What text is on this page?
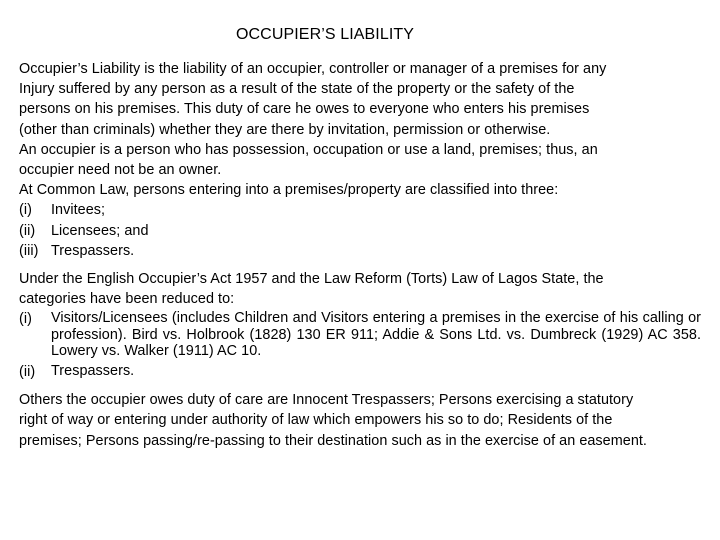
OCCUPIER’S LIABILITY

Occupier’s Liability is the liability of an occupier, controller or manager of a premises for any
Injury suffered by any person as a result of the state of the property or the safety of the
persons on his premises. This duty of care he owes to everyone who enters his premises
(other than criminals) whether they are there by invitation, permission or otherwise.

An occupier is a person who has possession, occupation or use a land, premises; thus, an
occupier need not be an owner.

At Common Law, persons entering into a premises/property are classified into three:

(i)	Invitees;
(ii)	Licensees; and
(iii) Trespassers.

Under the English Occupier’s Act 1957 and the Law Reform (Torts) Law of Lagos State, the
categories have been reduced to:

(i)	Visitors/Licensees (includes Children and Visitors entering a premises in the exercise of his calling or profession). Bird vs. Holbrook (1828) 130 ER 911; Addie & Sons Ltd. vs. Dumbreck (1929) AC 358. Lowery vs. Walker (1911) AC 10.
(ii)	Trespassers.

Others the occupier owes duty of care are Innocent Trespassers; Persons exercising a statutory
right of way or entering under authority of law which empowers his so to do; Residents of the
premises; Persons passing/re-passing to their destination such as in the exercise of an easement.
